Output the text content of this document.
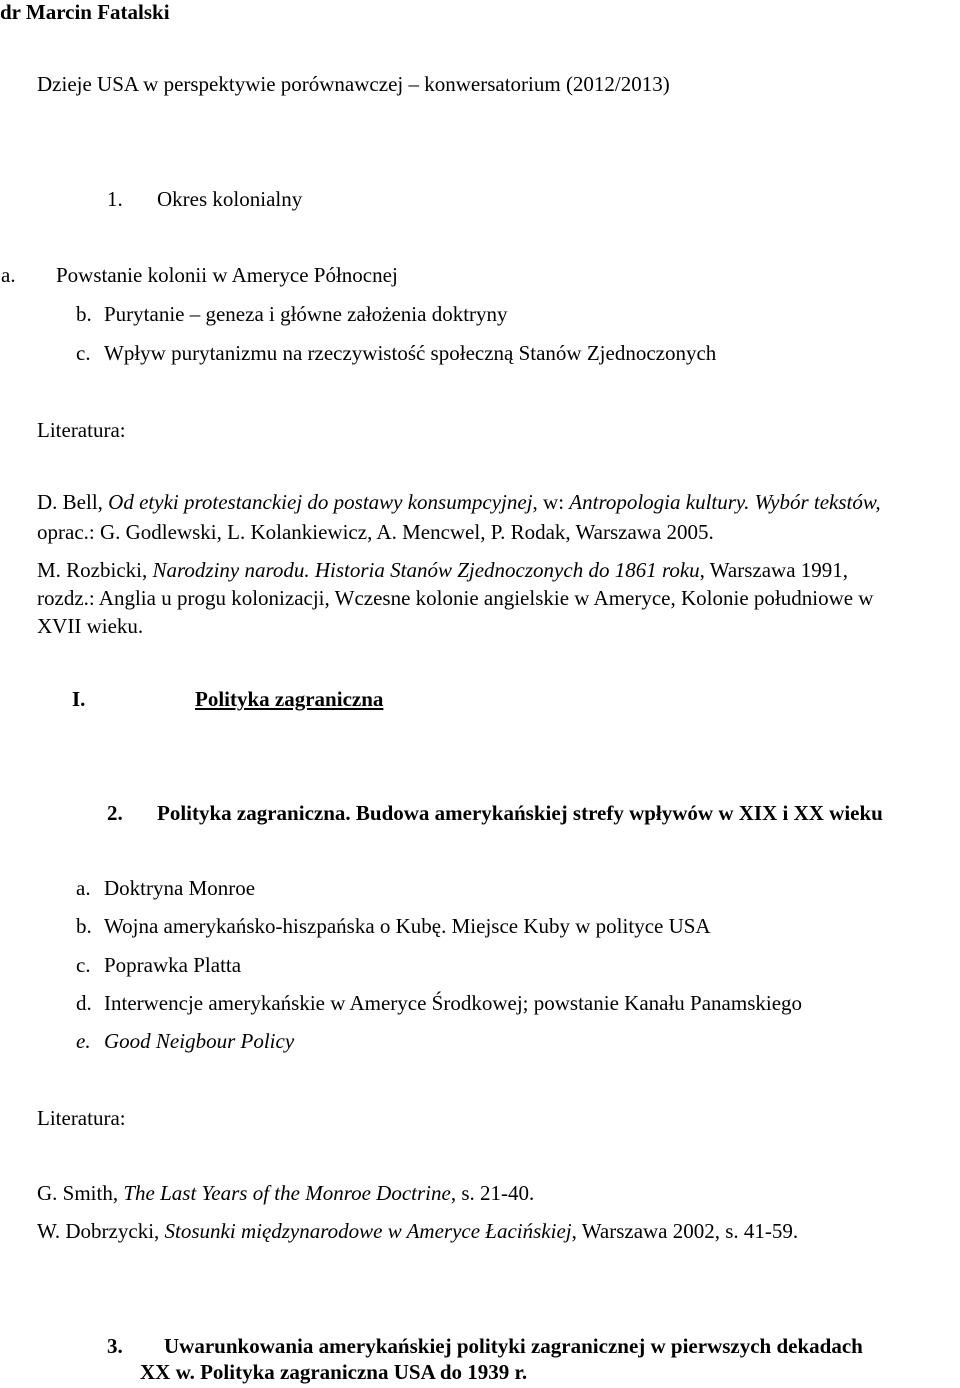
dr Marcin Fatalski
Dzieje USA w perspektywie porównawczej – konwersatorium (2012/2013)
1. Okres kolonialny
a. Powstanie kolonii w Ameryce Północnej
b. Purytanie – geneza i główne założenia doktryny
c. Wpływ purytanizmu na rzeczywistość społeczną Stanów Zjednoczonych
Literatura:
D. Bell, Od etyki protestanckiej do postawy konsumpcyjnej, w: Antropologia kultury. Wybór tekstów,
oprac.: G. Godlewski, L. Kolankiewicz, A. Mencwel, P. Rodak, Warszawa 2005.
M. Rozbicki, Narodziny narodu. Historia Stanów Zjednoczonych do 1861 roku, Warszawa 1991,
rozdz.: Anglia u progu kolonizacji, Wczesne kolonie angielskie w Ameryce, Kolonie południowe w
XVII wieku.
I.	Polityka zagraniczna
2. Polityka zagraniczna. Budowa amerykańskiej strefy wpływów w XIX i XX wieku
a. Doktryna Monroe
b. Wojna amerykańsko-hiszpańska o Kubę. Miejsce Kuby w polityce USA
c. Poprawka Platta
d. Interwencje amerykańskie w Ameryce Środkowej; powstanie Kanału Panamskiego
e. Good Neigbour Policy
Literatura:
G. Smith, The Last Years of the Monroe Doctrine, s. 21-40.
W. Dobrzycki, Stosunki międzynarodowe w Ameryce Łacińskiej, Warszawa 2002, s. 41-59.
3. Uwarunkowania amerykańskiej polityki zagranicznej w pierwszych dekadach
XX w. Polityka zagraniczna USA do 1939 r.
